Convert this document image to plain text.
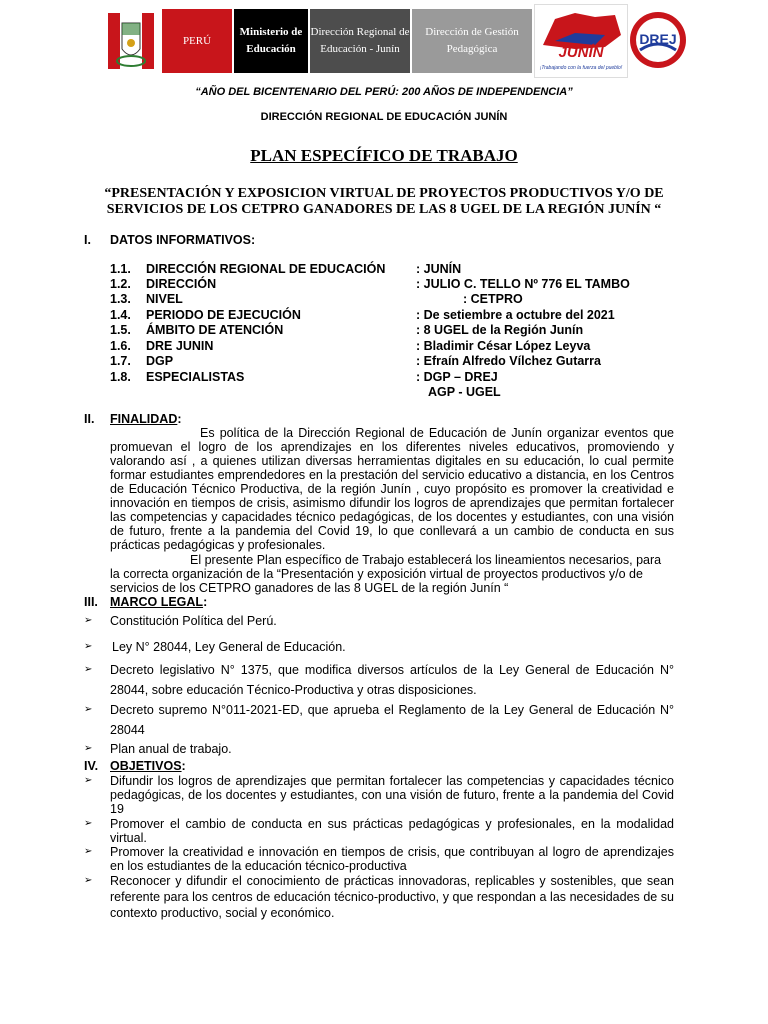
PERÚ
Ministerio de Educación
Dirección Regional de Educación - Junín
Dirección de Gestión Pedagógica	JUNÍN
¡Trabajando con la fuerza del pueblo!
DREJ
“AÑO DEL BICENTENARIO DEL PERÚ: 200 AÑOS DE INDEPENDENCIA”
DIRECCIÓN REGIONAL DE EDUCACIÓN JUNÍN
PLAN ESPECÍFICO DE TRABAJO
“PRESENTACIÓN Y EXPOSICION VIRTUAL DE PROYECTOS PRODUCTIVOS Y/O DE SERVICIOS DE LOS CETPRO GANADORES DE LAS 8 UGEL DE LA REGIÓN JUNÍN “
I. DATOS INFORMATIVOS:
1.1. DIRECCIÓN REGIONAL DE EDUCACIÓN : JUNÍN
1.2. DIRECCIÓN	: JULIO C. TELLO Nº 776 EL TAMBO
1.3. NIVEL	: CETPRO
1.4. PERIODO DE EJECUCIÓN	: De setiembre a octubre del 2021
1.5. ÁMBITO DE ATENCIÓN	: 8 UGEL de la Región Junín
1.6. DRE JUNIN	: Bladimir César López Leyva
1.7. DGP	: Efraín Alfredo Vílchez Gutarra
1.8. ESPECIALISTAS	: DGP – DREJ
AGP - UGEL
II. FINALIDAD:
Es política de la Dirección Regional de Educación de Junín organizar eventos que promuevan el logro de los aprendizajes en los diferentes niveles educativos, promoviendo y valorando así , a quienes utilizan diversas herramientas digitales en su educación, lo cual permite formar estudiantes emprendedores en la prestación del servicio educativo a distancia, en los Centros de Educación Técnico Productiva, de la región Junín , cuyo propósito es promover la creatividad e innovación en tiempos de crisis, asimismo difundir los logros de aprendizajes que permitan fortalecer las competencias y capacidades técnico pedagógicas, de los docentes y estudiantes, con una visión de futuro, frente a la pandemia del Covid 19, lo que conllevará a un cambio de conducta en sus prácticas pedagógicas y profesionales.
El presente Plan específico de Trabajo establecerá los lineamientos necesarios, para la correcta organización de la “Presentación y exposición virtual de proyectos productivos y/o de servicios de los CETPRO ganadores de las 8 UGEL de la región Junín “
III. MARCO LEGAL:
➢ Constitución Política del Perú.
➢ Ley N° 28044, Ley General de Educación.
➢ Decreto legislativo N° 1375, que modifica diversos artículos de la Ley General de Educación N° 28044, sobre educación Técnico-Productiva y otras disposiciones.
➢ Decreto supremo N°011-2021-ED, que aprueba el Reglamento de la Ley General de Educación N° 28044
➢ Plan anual de trabajo.
IV. OBJETIVOS:
➢ Difundir los logros de aprendizajes que permitan fortalecer las competencias y capacidades técnico pedagógicas, de los docentes y estudiantes, con una visión de futuro, frente a la pandemia del Covid 19
➢ Promover el cambio de conducta en sus prácticas pedagógicas y profesionales, en la modalidad virtual.
➢ Promover la creatividad e innovación en tiempos de crisis, que contribuyan al logro de aprendizajes en los estudiantes de la educación técnico-productiva
➢ Reconocer y difundir el conocimiento de prácticas innovadoras, replicables y sostenibles, que sean referente para los centros de educación técnico-productivo, y que respondan a las necesidades de su contexto productivo, social y económico.
